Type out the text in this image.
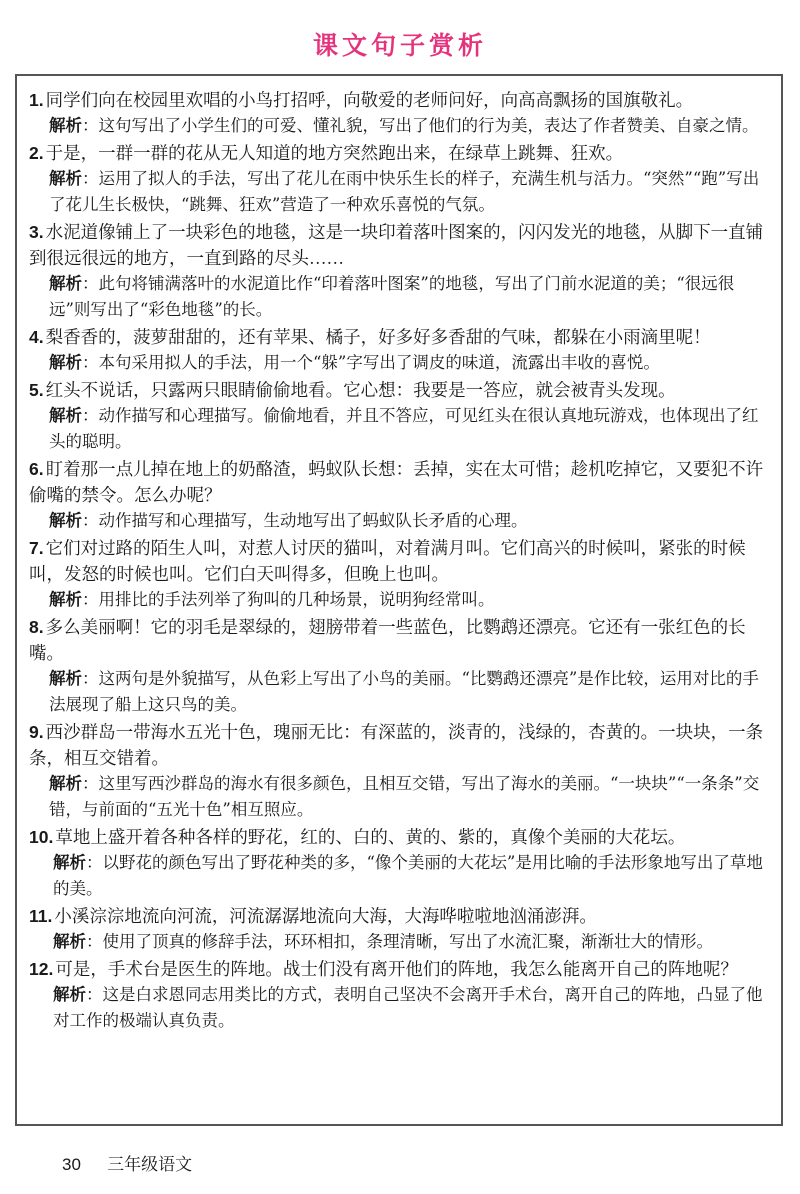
课文句子赏析
1. 同学们向在校园里欢唱的小鸟打招呼，向敬爱的老师问好，向高高飘扬的国旗敬礼。
解析：这句写出了小学生们的可爱、懂礼貌，写出了他们的行为美，表达了作者赞美、自豪之情。
2. 于是，一群一群的花从无人知道的地方突然跑出来，在绿草上跳舞、狂欢。
解析：运用了拟人的手法，写出了花儿在雨中快乐生长的样子，充满生机与活力。“突然”“跑”写出了花儿生长极快，“跳舞、狂欢”营造了一种欢乐喜悦的气氛。
3. 水泥道像铺上了一块彩色的地毯，这是一块印着落叶图案的，闪闪发光的地毯，从脚下一直铺到很远很远的地方，一直到路的尽头……
解析：此句将铺满落叶的水泥道比作“印着落叶图案”的地毯，写出了门前水泥道的美；“很远很远”则写出了“彩色地毯”的长。
4. 梨香香的，菠萝甜甜的，还有苹果、橘子，好多好多香甜的气味，都躲在小雨滴里呢！
解析：本句采用拟人的手法，用一个“躲”字写出了调皮的味道，流露出丰收的喜悦。
5. 红头不说话，只露两只眼睛偷偷地看。它心想：我要是一答应，就会被青头发现。
解析：动作描写和心理描写。偷偷地看，并且不答应，可见红头在很认真地玩游戏，也体现出了红头的聪明。
6. 盯着那一点儿掉在地上的奶酪渣，蚂蚁队长想：丢掉，实在太可惜；趁机吃掉它，又要犯不许偷嘴的禁令。怎么办呢？
解析：动作描写和心理描写，生动地写出了蚂蚁队长矛盾的心理。
7. 它们对过路的陌生人叫，对惹人讨厌的猫叫，对着满月叫。它们高兴的时候叫，紧张的时候叫，发怒的时候也叫。它们白天叫得多，但晚上也叫。
解析：用排比的手法列举了狗叫的几种场景，说明狗经常叫。
8. 多么美丽啊！它的羽毛是翠绿的，翅膀带着一些蓝色，比鹦鹉还漂亮。它还有一张红色的长嘴。
解析：这两句是外貌描写，从色彩上写出了小鸟的美丽。“比鹦鹉还漂亮”是作比较，运用对比的手法展现了船上这只鸟的美。
9. 西沙群岛一带海水五光十色，瑰丽无比：有深蓝的，淡青的，浅绿的，杏黄的。一块块，一条条，相互交错着。
解析：这里写西沙群岛的海水有很多颜色，且相互交错，写出了海水的美丽。“一块块”“一条条”交错，与前面的“五光十色”相互照应。
10. 草地上盛开着各种各样的野花，红的、白的、黄的、紫的，真像个美丽的大花坛。
解析：以野花的颜色写出了野花种类的多，“像个美丽的大花坛”是用比喻的手法形象地写出了草地的美。
11. 小溪淙淙地流向河流，河流潺潺地流向大海，大海哗啦啦地汹涌澎湃。
解析：使用了顶真的修辞手法，环环相扣，条理清晰，写出了水流汇聚，渐渐壮大的情形。
12. 可是，手术台是医生的阵地。战士们没有离开他们的阵地，我怎么能离开自己的阵地呢？
解析：这是白求恩同志用类比的方式，表明自己坚决不会离开手术台，离开自己的阵地，凸显了他对工作的极端认真负责。
30 三年级语文
